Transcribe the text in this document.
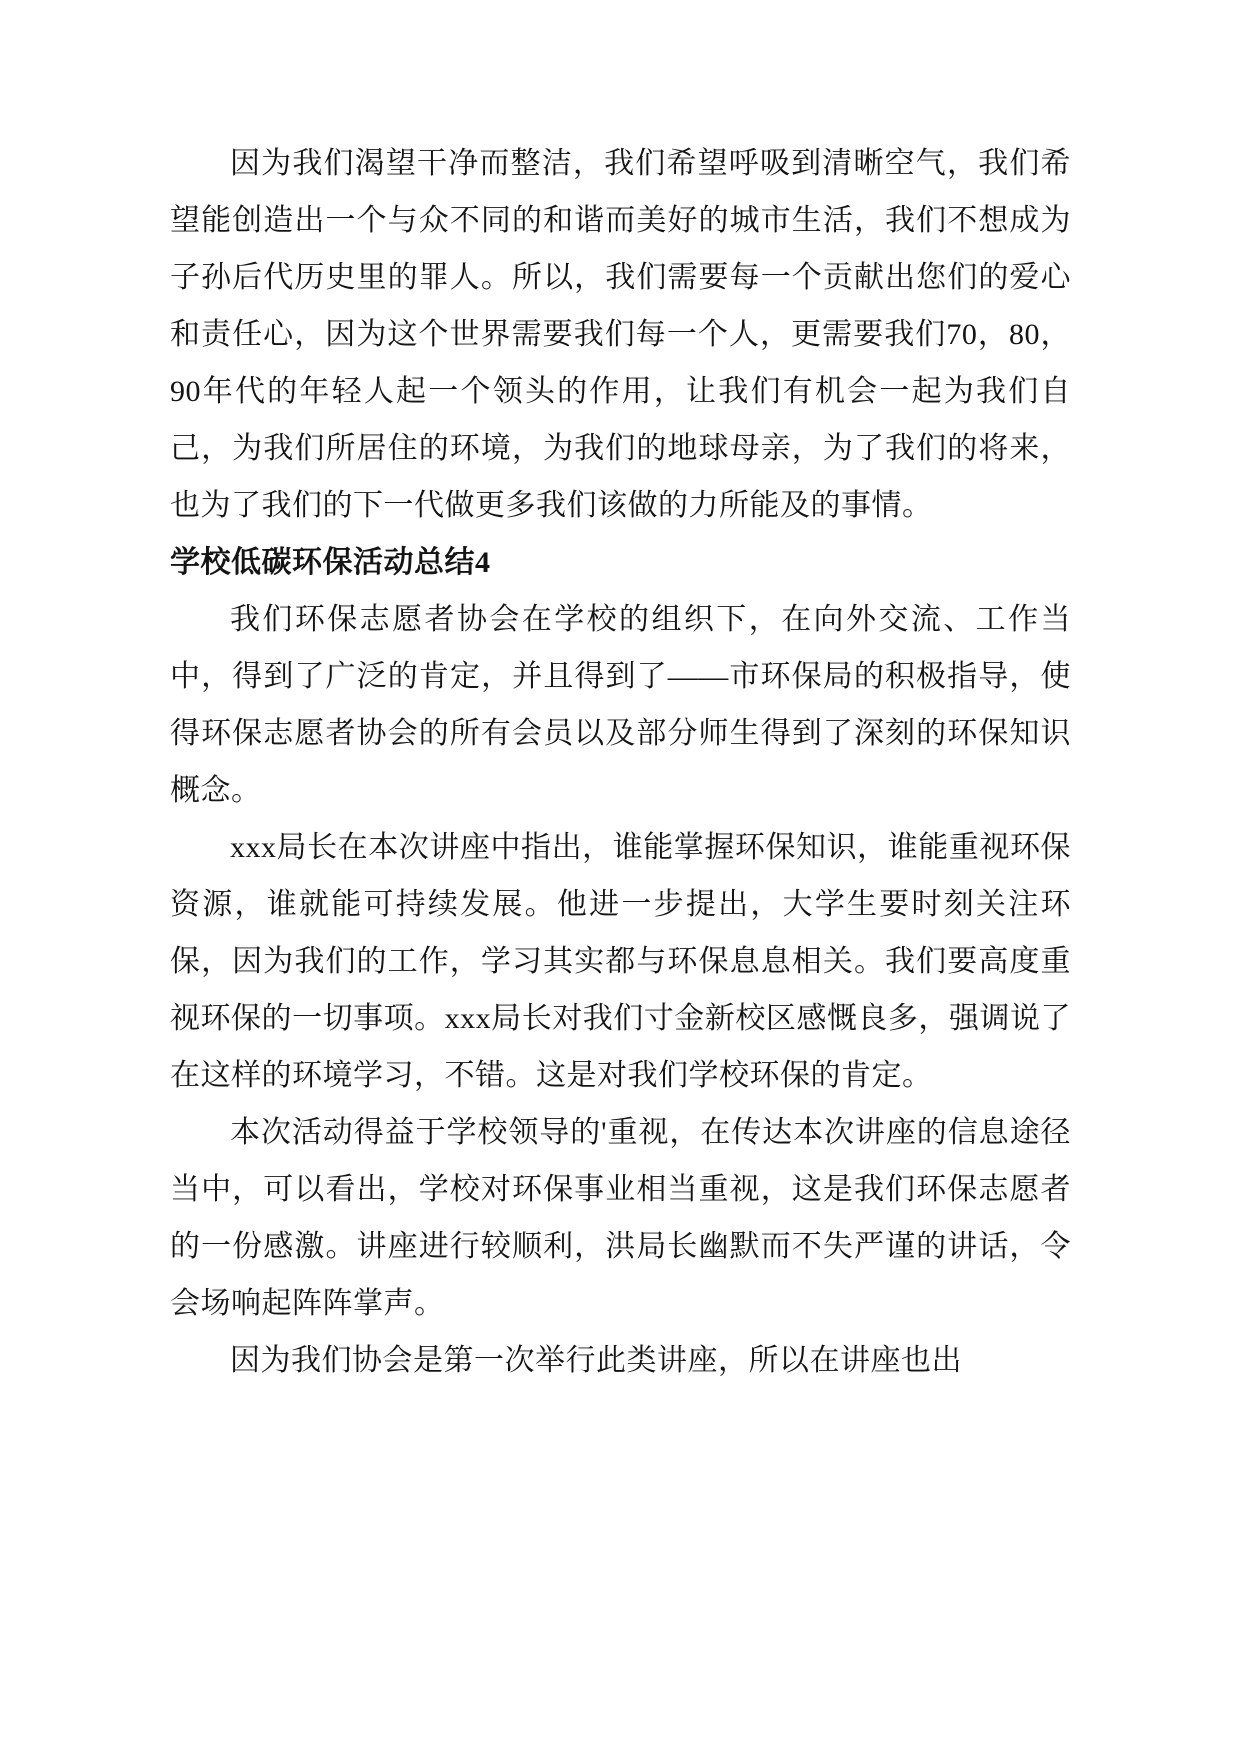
因为我们渴望干净而整洁，我们希望呼吸到清晰空气，我们希望能创造出一个与众不同的和谐而美好的城市生活，我们不想成为子孙后代历史里的罪人。所以，我们需要每一个贡献出您们的爱心和责任心，因为这个世界需要我们每一个人，更需要我们70，80，90年代的年轻人起一个领头的作用，让我们有机会一起为我们自己，为我们所居住的环境，为我们的地球母亲，为了我们的将来，也为了我们的下一代做更多我们该做的力所能及的事情。

学校低碳环保活动总结4

我们环保志愿者协会在学校的组织下，在向外交流、工作当中，得到了广泛的肯定，并且得到了——市环保局的积极指导，使得环保志愿者协会的所有会员以及部分师生得到了深刻的环保知识概念。

xxx局长在本次讲座中指出，谁能掌握环保知识，谁能重视环保资源，谁就能可持续发展。他进一步提出，大学生要时刻关注环保，因为我们的工作，学习其实都与环保息息相关。我们要高度重视环保的一切事项。xxx局长对我们寸金新校区感慨良多，强调说了在这样的环境学习，不错。这是对我们学校环保的肯定。

本次活动得益于学校领导的'重视，在传达本次讲座的信息途径当中，可以看出，学校对环保事业相当重视，这是我们环保志愿者的一份感激。讲座进行较顺利，洪局长幽默而不失严谨的讲话，令会场响起阵阵掌声。

因为我们协会是第一次举行此类讲座，所以在讲座也出
